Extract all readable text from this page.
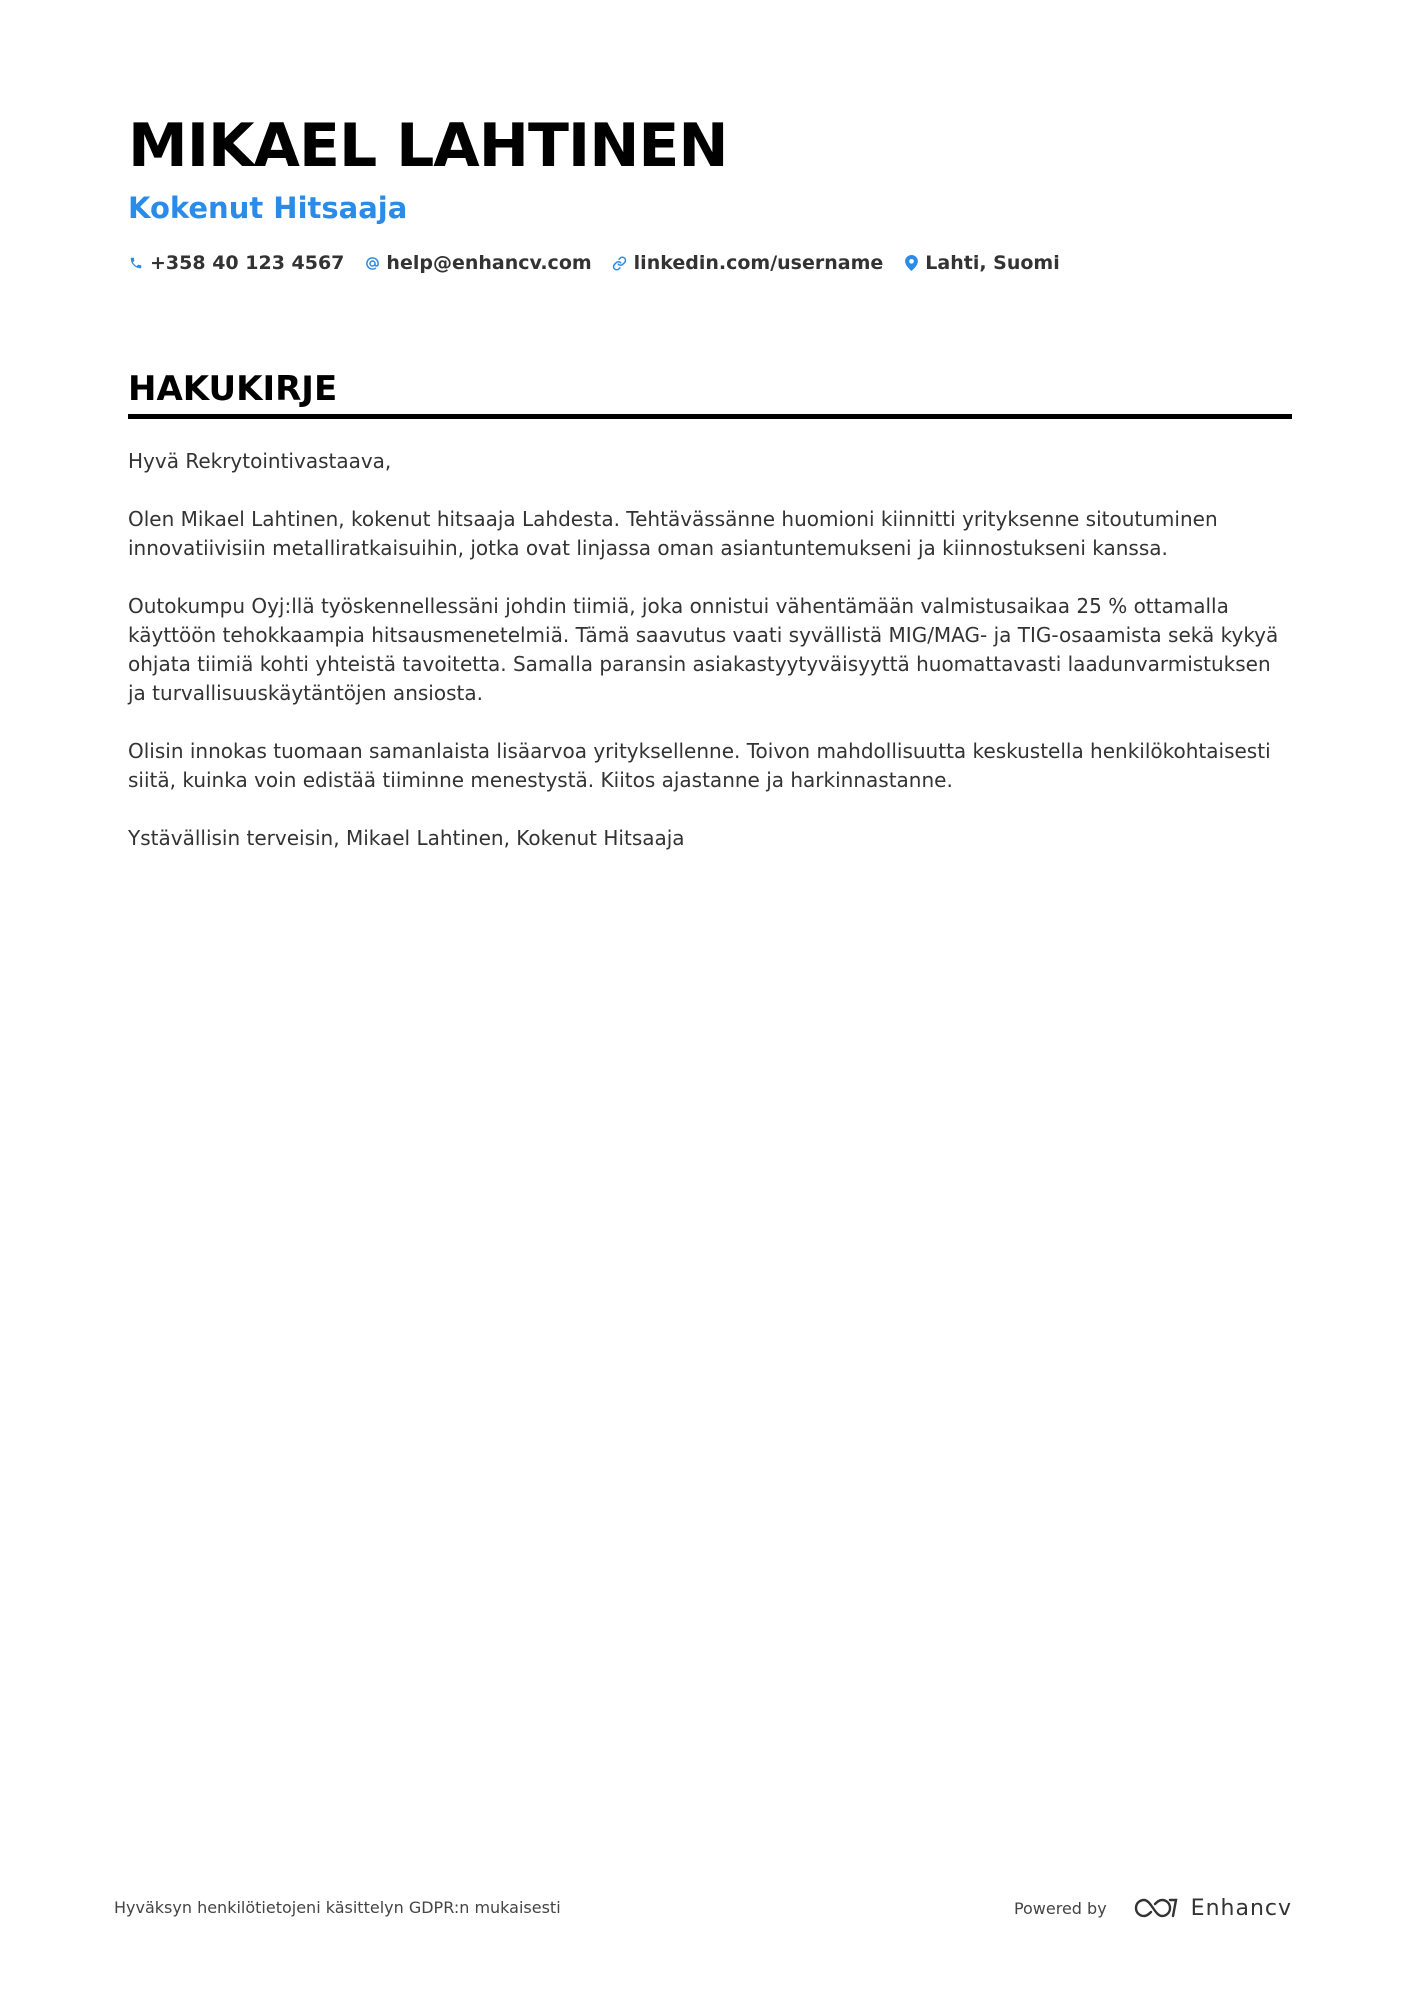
MIKAEL LAHTINEN
Kokenut Hitsaaja
+358 40 123 4567 help@enhancv.com linkedin.com/username Lahti, Suomi
HAKUKIRJE

Hyvä Rekrytointivastaava,

Olen Mikael Lahtinen, kokenut hitsaaja Lahdesta. Tehtävässänne huomioni kiinnitti yrityksenne sitoutuminen innovatiivisiin metalliratkaisuihin, jotka ovat linjassa oman asiantuntemukseni ja kiinnostukseni kanssa.

Outokumpu Oyj:llä työskennellessäni johdin tiimiä, joka onnistui vähentämään valmistusaikaa 25 % ottamalla käyttöön tehokkaampia hitsausmenetelmiä. Tämä saavutus vaati syvällistä MIG/MAG- ja TIG-osaamista sekä kykyä ohjata tiimiä kohti yhteistä tavoitetta. Samalla paransin asiakastyytyväisyyttä huomattavasti laadunvarmistuksen ja turvallisuuskäytäntöjen ansiosta.

Olisin innokas tuomaan samanlaista lisäarvoa yrityksellenne. Toivon mahdollisuutta keskustella henkilökohtaisesti siitä, kuinka voin edistää tiiminne menestystä. Kiitos ajastanne ja harkinnastanne.

Ystävällisin terveisin, Mikael Lahtinen, Kokenut Hitsaaja

Hyväksyn henkilötietojeni käsittelyn GDPR:n mukaisesti	Powered by	Enhancv
